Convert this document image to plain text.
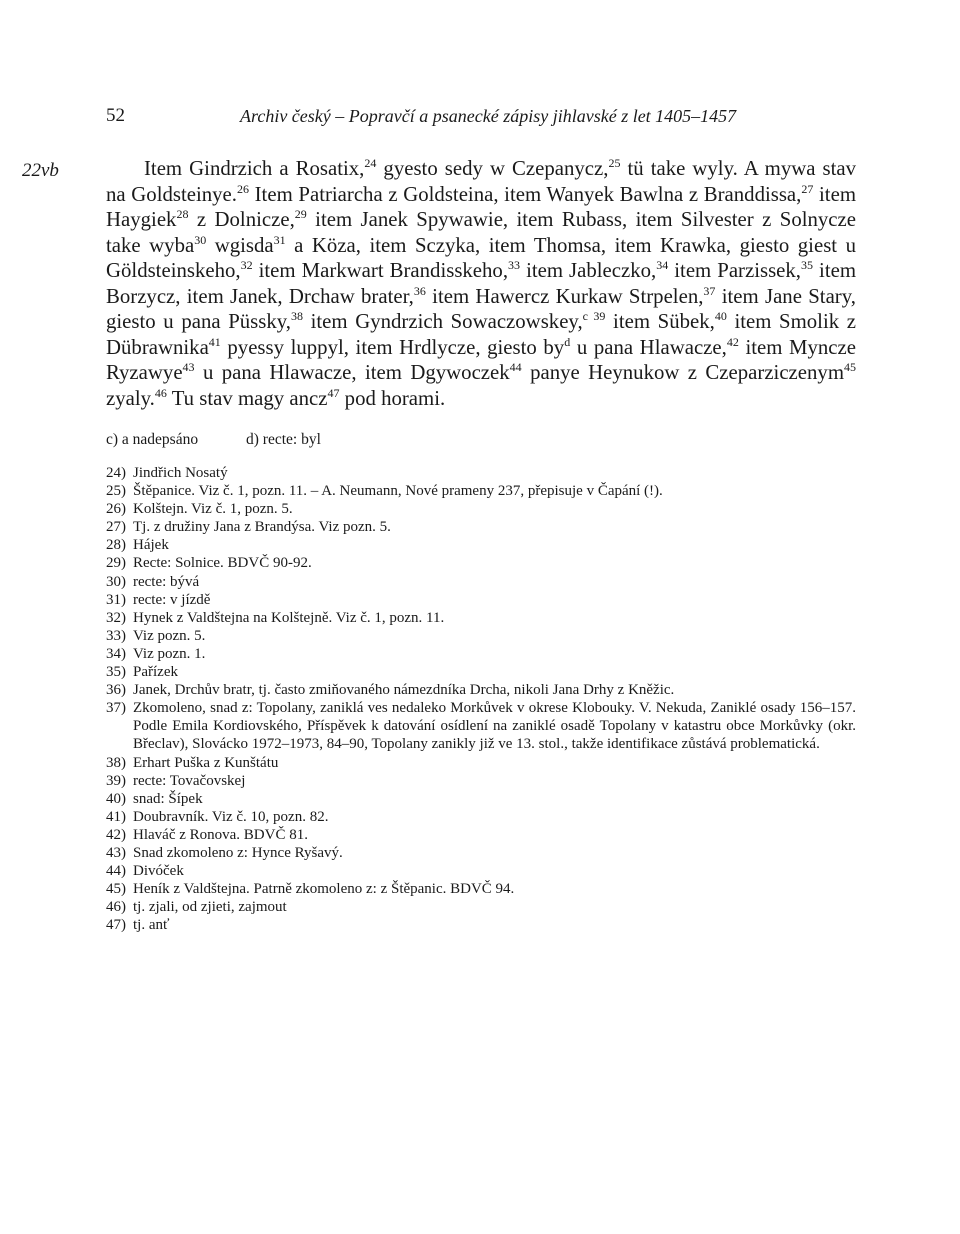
52	Archiv český – Popravčí a psanecké zápisy jihlavské z let 1405–1457
22vb	Item Gindrzich a Rosatix,$^{24}$ gyesto sedy w Czepanycz,$^{25}$ tü take wyly. A mywa stav na Goldsteinye.$^{26}$ Item Patriarcha z Goldsteina, item Wanyek Bawlna z Branddissa,$^{27}$ item Haygiek$^{28}$ z Dolnicze,$^{29}$ item Janek Spywawie, item Rubass, item Silvester z Solnycze take wyba$^{30}$ wgisda$^{31}$ a Köza, item Sczyka, item Thomsa, item Krawka, giesto giest u Göldsteinskeho,$^{32}$ item Markwart Brandisskeho,$^{33}$ item Jableczko,$^{34}$ item Parzissek,$^{35}$ item Borzycz, item Janek, Drchaw brater,$^{36}$ item Hawercz Kurkaw Strpelen,$^{37}$ item Jane Stary, giesto u pana Püssky,$^{38}$ item Gyndrzich Sowaczowskey,$^{c 39}$ item Sübek,$^{40}$ item Smolik z Dübrawnika$^{41}$ pyessy luppyl, item Hrdlycze, giesto $by^d$ u pana Hlawacze,$^{42}$ item Myncze Ryzawye$^{43}$ u pana Hlawacze, item Dgywoczek$^{44}$ panye Heynukow z Czeparziczenym$^{45}$ zyaly.$^{46}$ Tu stav magy ancz$^{47}$ pod horami.

c) a nadepsáno	d) recte: byl
24) Jindřich Nosatý
25) Štěpanice. Viz č. 1, pozn. 11. – A. Neumann, Nové prameny 237, přepisuje v Čapání (!).
26) Kolštejn. Viz č. 1, pozn. 5.
27) Tj. z družiny Jana z Brandýsa. Viz pozn. 5.
28) Hájek
29) Recte: Solnice. BDVČ 90-92.
30) recte: bývá
31) recte: v jízdě
32) Hynek z Valdštejna na Kolštejně. Viz č. 1, pozn. 11.
33) Viz pozn. 5.
34) Viz pozn. 1.
35) Pařízek
36) Janek, Drchův bratr, tj. často zmiňovaného námezdníka Drcha, nikoli Jana Drhy z Kněžic.
37) Zkomoleno, snad z: Topolany, zaniklá ves nedaleko Morkůvek v okrese Klobouky. V. Nekuda, Zaniklé osady 156–157. Podle Emila Kordiovského, Příspěvek k datování osídlení na zaniklé osadě Topolany v katastru obce Morkůvky (okr. Břeclav), Slovácko 1972–1973, 84–90, Topolany zanikly již ve 13. stol., takže identifikace zůstává problematická.
38) Erhart Puška z Kunštátu
39) recte: Tovačovskej
40) snad: Šípek
41) Doubravník. Viz č. 10, pozn. 82.
42) Hlaváč z Ronova. BDVČ 81.
43) Snad zkomoleno z: Hynce Ryšavý.
44) Divóček
45) Heník z Valdštejna. Patrně zkomoleno z: z Štěpanic. BDVČ 94.
46) tj. zjali, od zjieti, zajmout
47) tj. anť
